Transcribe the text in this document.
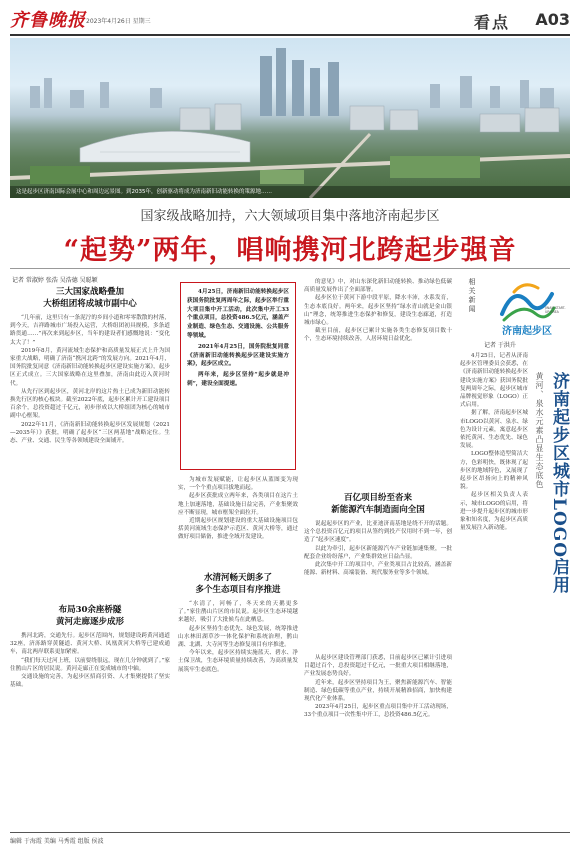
齐鲁晚报 2023年4月26日 星期三	看点 A03
这是起步区济南国际会展中心和周边远景图。到2035年，创新驱动将成为济南新旧动能转换的策源地……
国家级战略加持，六大领域项目集中落地济南起步区
“起势”两年，唱响携河北跨起步强音
记者 常淑婷 张浩 吴浩德 吴聪颖
三大国家战略叠加
大桥组团将成城市副中心

“几年前，这里只有一条泥泞的乡间小道和零零散散的村落，到今天，吉祥路城市广场投入运营，大桥组团初具规模，多条道路贯通……”再次来到起步区，当年的建设者们感慨地说：“变化太大了！”

2019年8月，黄河流域生态保护和高质量发展正式上升为国家重大战略，明确了济南“携河北跨”的发展方向。2021年4月，国务院批复同意《济南新旧动能转换起步区建设实施方案》，起步区正式成立。三大国家战略在这里叠加，济南由此迈入黄河时代。

从先行区到起步区，黄河北岸的这片热土已成为新旧动能转换先行区的核心板块。截至2022年底，起步区累计开工建设项目百余个，总投资超过千亿元，初步形成以大桥组团为核心的城市副中心框架。

2022年11月，《济南新旧动能转换起步区发展规划（2021—2035年）》获批，明确了起步区“三区两基地”战略定位。生态、产业、交通、民生等各领域建设全面铺开。

布局30余座桥隧
黄河走廊逐步成形

携河北跨，交通先行。起步区范围内，规划建设跨黄河通道32座，济泺路穿黄隧道、黄河大桥、凤凰黄河大桥等已建成通车，南北两岸联系更加紧密。

“我们每天过河上班，以前要绕很远，现在几分钟就到了。”家住鹊山片区的居民说。黄河走廊正在变成城市的中轴。

交通设施的完善，为起步区招商引资、人才集聚提供了坚实基础。

4月25日，济南新旧动能转换起步区获国务院批复两周年之际，起步区举行重大项目集中开工活动，此次集中开工33个重点项目，总投资486.5亿元，涵盖产业制造、绿色生态、交通设施、公共服务等领域。

2021年4月25日，国务院批复同意《济南新旧动能转换起步区建设实施方案》，起步区成立。

两年来，起步区坚持“起步就是冲刺”，建设全面提速。

为城市发展赋能，让起步区从蓝图变为现实，一个个重点项目拔地而起。

起步区获批成立两年来，各类项目在这片土地上加速落地，基础设施日益完善，产业集聚效应不断显现，城市框架全面拉开。

近期起步区规划建设的重大基础设施项目包括黄河流域生态保护示范区、黄河大桥等，通过做好项目储备，推进全域开发建设。

水清河畅天朗多了
多个生态项目有序推进

“水清了，河畅了，冬天来的天鹅更多了。”家住鹊山片区的市民说。起步区生态环境越来越好，吸引了大批候鸟在此栖息。

起步区坚持生态优先、绿色发展，统筹推进山水林田湖草沙一体化保护和系统治理，鹊山湖、北湖、大寺河等生态修复项目有序推进。

今年以来，起步区持续实施蓝天、碧水、净土保卫战，生态环境质量持续改善，为高质量发展筑牢生态底色。

的意见》中，对山东深化新旧动能转换、推动绿色低碳高质量发展作出了全面部署。

起步区位于黄河下游中段平原，降水丰沛，水系发育，生态本底良好。两年来，起步区坚持“绿水青山就是金山银山”理念，统筹推进生态保护和修复，建设生态廊道，打造城市绿心。

截至目前，起步区已累计实施各类生态修复项目数十个，生态环境持续改善，人居环境日益优化。

百亿项目纷至沓来
新能源汽车制造面向全国

说起起步区的产业，比亚迪济南基地是绕不开的话题。这个总投资百亿元的项目从签约到投产仅用时不到一年，创造了“起步区速度”。

以此为牵引，起步区新能源汽车产业链加速集聚，一批配套企业纷纷落户，产业集群效应日益凸显。

此次集中开工的项目中，产业类项目占比较高，涵盖新能源、新材料、高端装备、现代服务业等多个领域。

从起步区建设管理部门获悉，目前起步区已累计引进项目超过百个，总投资超过千亿元，一批重大项目相继落地，产业发展态势良好。

近年来，起步区坚持项目为王，聚焦新能源汽车、智能制造、绿色低碳等重点产业，持续开展精准招商，加快构建现代化产业体系。

2023年4月25日，起步区重点项目集中开工活动现场，33个重点项目一次性集中开工，总投资486.5亿元。

相关新闻
济南起步区
JINAN START-UP AREA
记者 于洪升
济南起步区城市LOGO启用
黄河、泉水元素凸显生态底色

4月25日，记者从济南起步区管理委员会获悉，在《济南新旧动能转换起步区建设实施方案》获国务院批复两周年之际，起步区城市品牌视觉形象（LOGO）正式启用。

据了解，济南起步区城市LOGO以黄河、泉水、绿色为设计元素，寓意起步区依托黄河、生态优先、绿色发展。

LOGO整体造型简洁大方，色彩明快，既体现了起步区的地域特色，又展现了起步区昂扬向上的精神风貌。

起步区相关负责人表示，城市LOGO的启用，将进一步提升起步区的城市形象和知名度，为起步区高质量发展注入新动能。

编辑 于海霞 美编 马秀霞 组版 侯波
